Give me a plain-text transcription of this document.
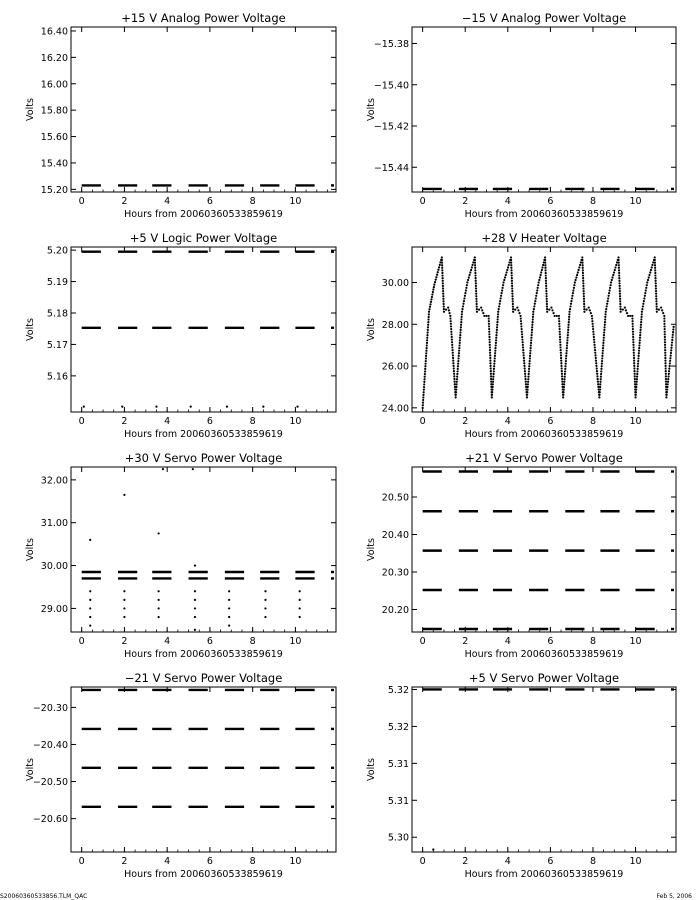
+15 V Analog Power Voltage
0	2	4	6	8	10
16.40
16.20
16.00
15.80
15.60
15.40
15.20
Hours from 20060360533859619
Volts
−15 V Analog Power Voltage
0	2	4	6	8	10
−15.38
−15.40
−15.42
−15.44
Hours from 20060360533859619
Volts
+5 V Logic Power Voltage
0	2	4	6	8	10
5.20
5.19
5.18
5.17
5.16
Hours from 20060360533859619
Volts
+28 V Heater Voltage
0	2	4	6	8	10
30.00
28.00
26.00
24.00
Hours from 20060360533859619
Volts
+30 V Servo Power Voltage
0	2	4	6	8	10
32.00
31.00
30.00
29.00
Hours from 20060360533859619
Volts
+21 V Servo Power Voltage
0	2	4	6	8	10
20.50
20.40
20.30
20.20
Hours from 20060360533859619
Volts
−21 V Servo Power Voltage
0	2	4	6	8	10
−20.30
−20.40
−20.50
−20.60
Hours from 20060360533859619
Volts
+5 V Servo Power Voltage
0	2	4	6	8	10
5.32
5.32
5.31
5.31
5.30
Hours from 20060360533859619
Volts
S20060360533856.TLM_QAC	Feb 5, 2006
